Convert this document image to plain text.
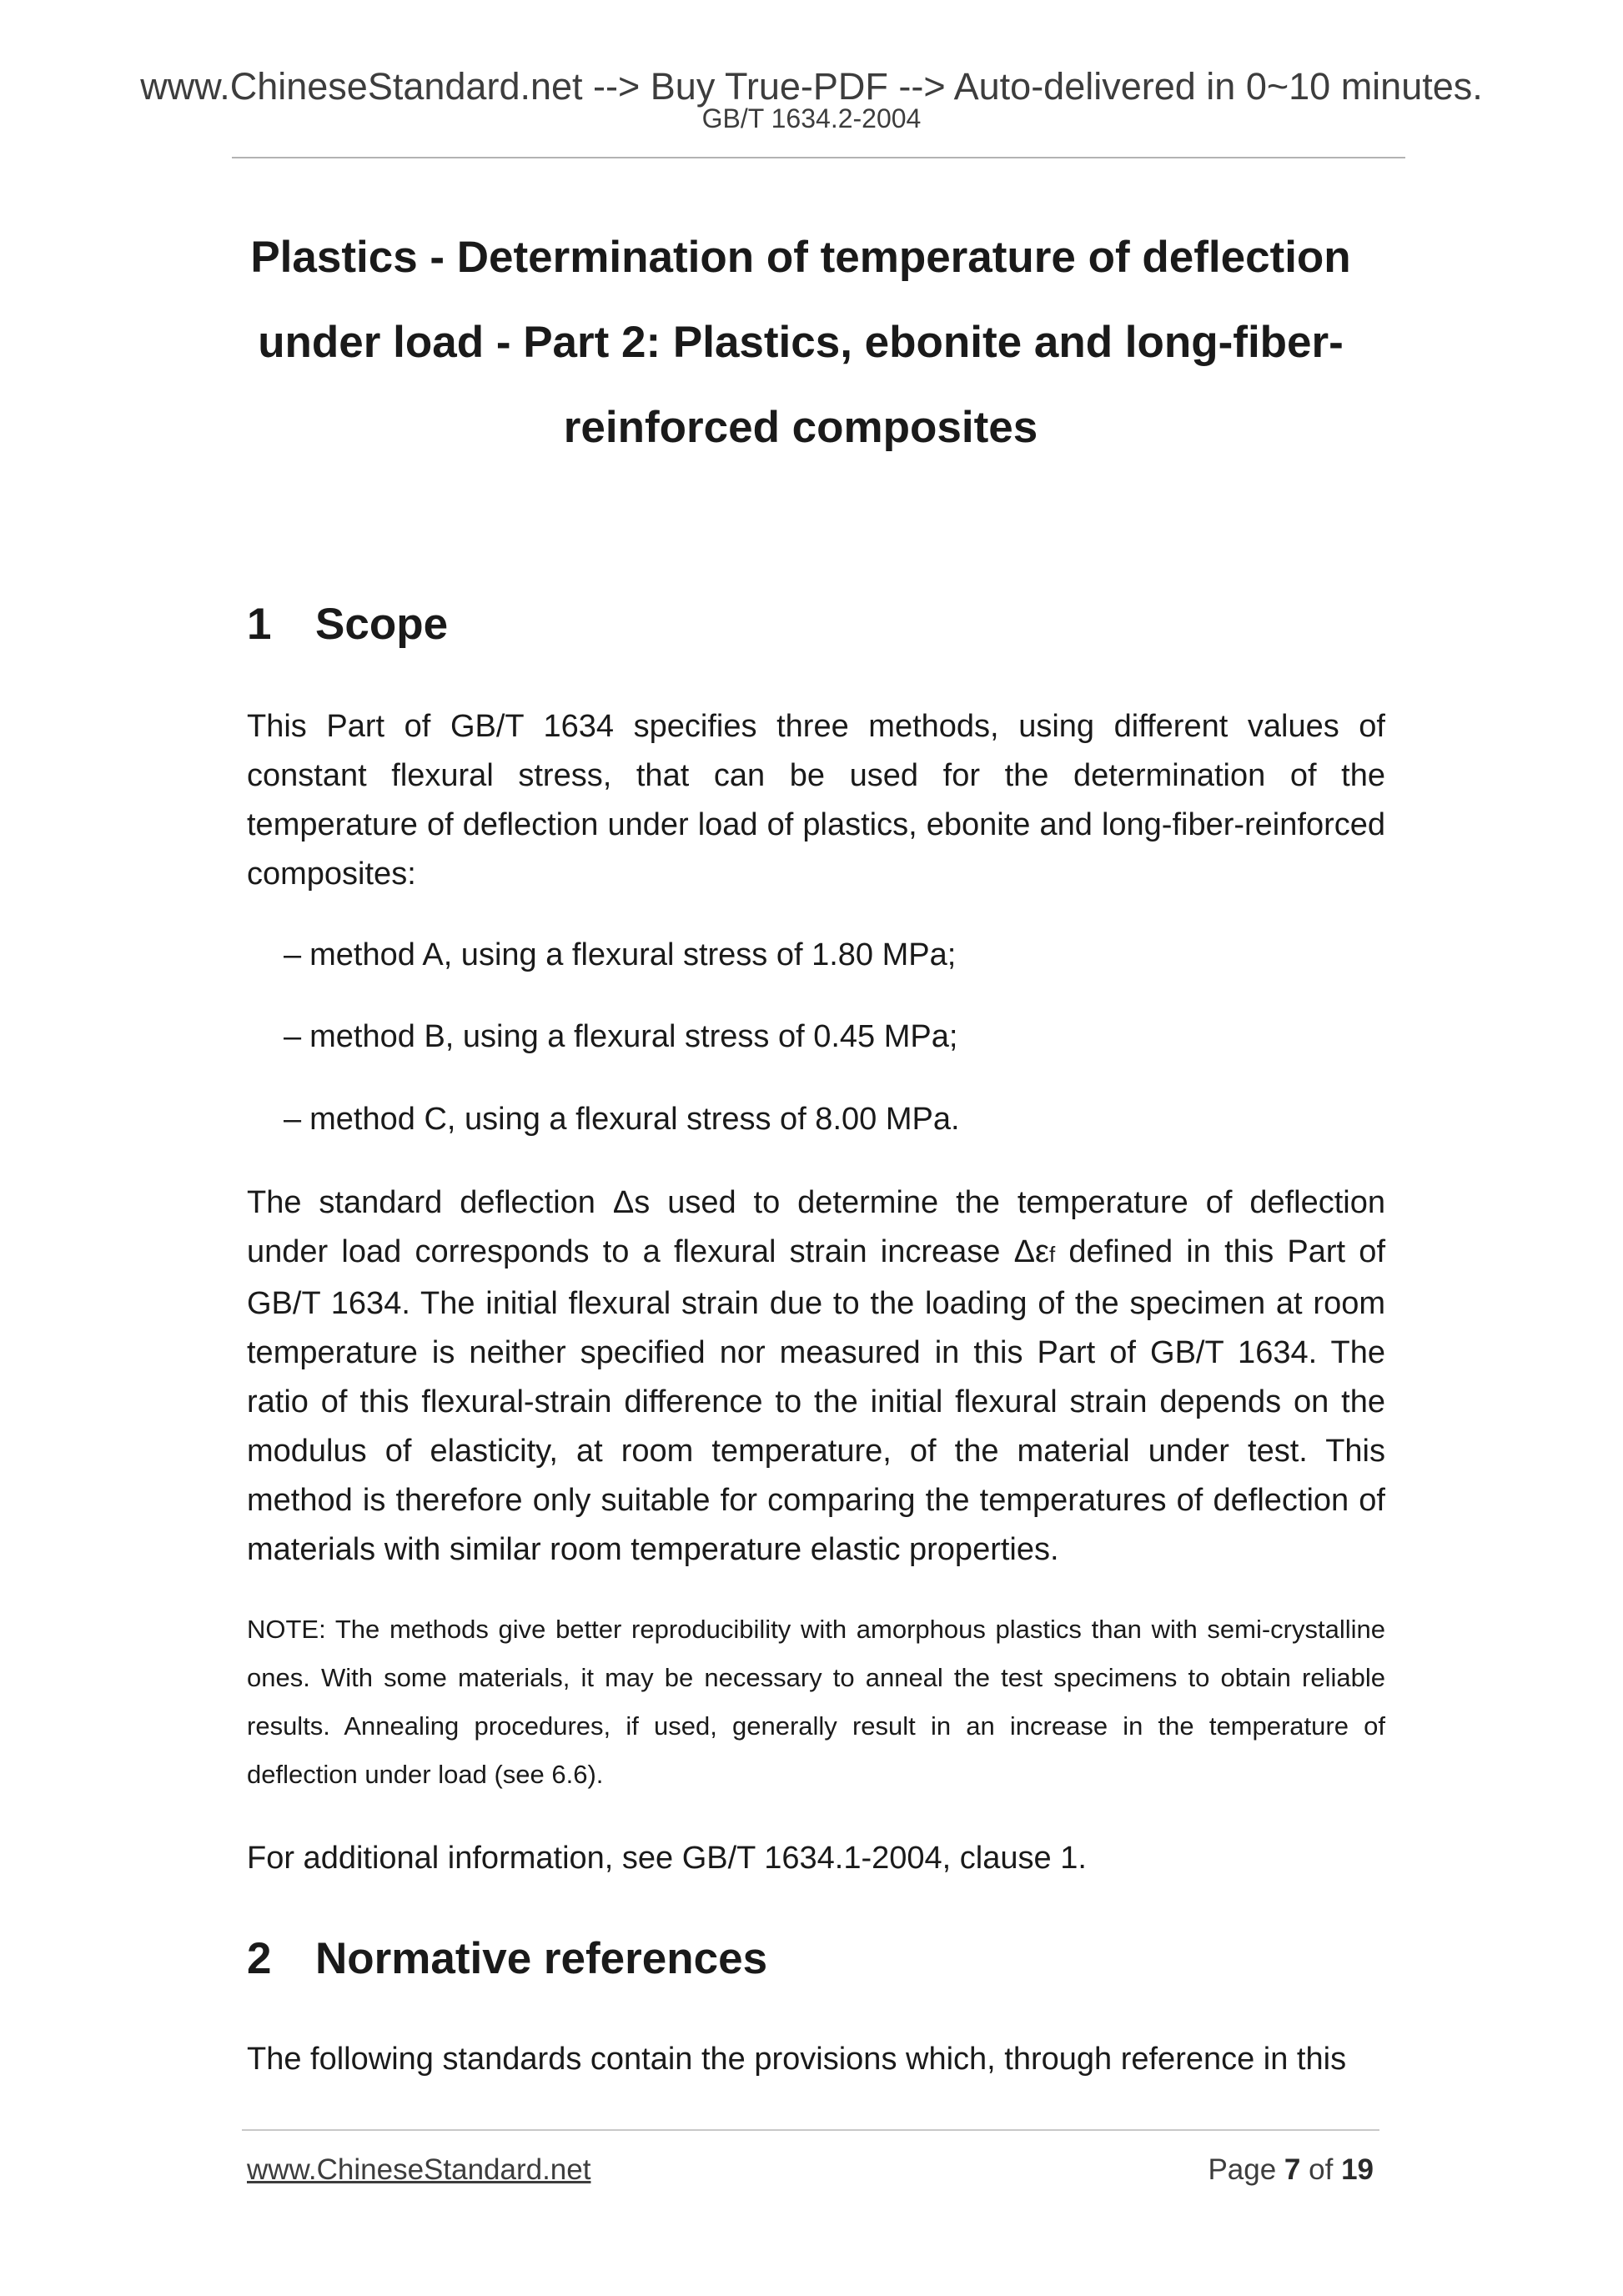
www.ChineseStandard.net --> Buy True-PDF --> Auto-delivered in 0~10 minutes.
GB/T 1634.2-2004
Plastics - Determination of temperature of deflection
under load - Part 2: Plastics, ebonite and long-fiber-
reinforced composites
1 Scope
This Part of GB/T 1634 specifies three methods, using different values of constant flexural stress, that can be used for the determination of the temperature of deflection under load of plastics, ebonite and long-fiber-reinforced composites:
– method A, using a flexural stress of 1.80 MPa;
– method B, using a flexural stress of 0.45 MPa;
– method C, using a flexural stress of 8.00 MPa.
The standard deflection Δs used to determine the temperature of deflection under load corresponds to a flexural strain increase Δεf defined in this Part of GB/T 1634. The initial flexural strain due to the loading of the specimen at room temperature is neither specified nor measured in this Part of GB/T 1634. The ratio of this flexural-strain difference to the initial flexural strain depends on the modulus of elasticity, at room temperature, of the material under test. This method is therefore only suitable for comparing the temperatures of deflection of materials with similar room temperature elastic properties.
NOTE: The methods give better reproducibility with amorphous plastics than with semi-crystalline ones. With some materials, it may be necessary to anneal the test specimens to obtain reliable results. Annealing procedures, if used, generally result in an increase in the temperature of deflection under load (see 6.6).
For additional information, see GB/T 1634.1-2004, clause 1.
2 Normative references
The following standards contain the provisions which, through reference in this
www.ChineseStandard.net	Page 7 of 19
